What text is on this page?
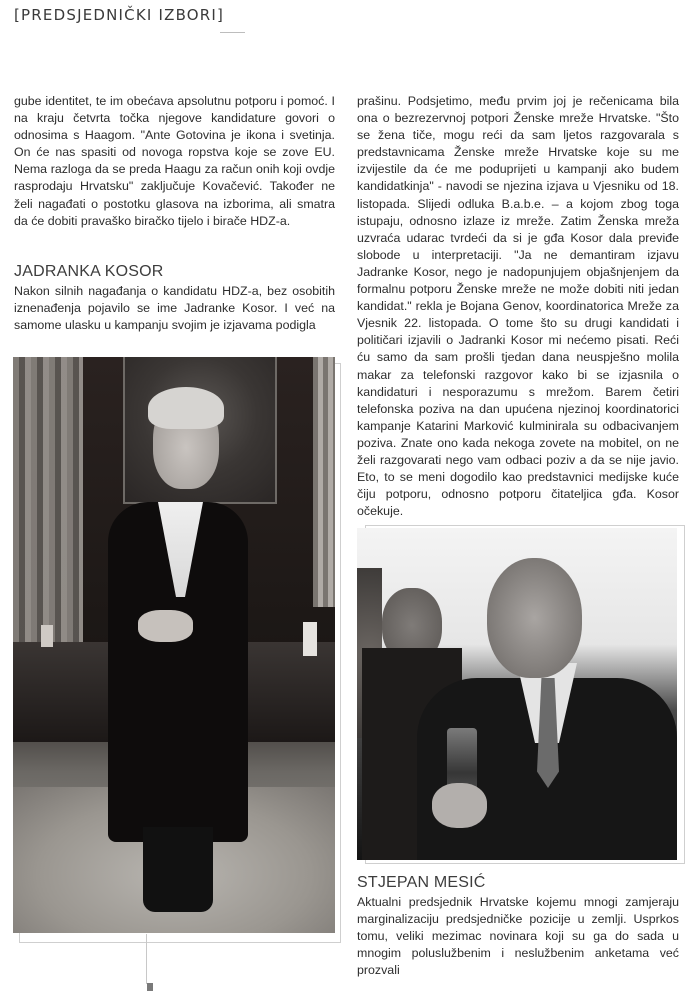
[PREDSJEDNIČKI IZBORI]

gube identitet, te im obećava apsolutnu potporu i pomoć. I na kraju četvrta točka njegove kandidature govori o odnosima s Haagom. "Ante Gotovina je ikona i svetinja. On će nas spasiti od novoga ropstva koje se zove EU. Nema razloga da se preda Haagu za račun onih koji ovdje rasprodaju Hrvatsku" zaključuje Kovačević. Također ne želi nagađati o postotku glasova na izborima, ali smatra da će dobiti pravaško biračko tijelo i birače HDZ-a.

JADRANKA KOSOR

Nakon silnih nagađanja o kandidatu HDZ-a, bez osobitih iznenađenja pojavilo se ime Jadranke Kosor. I već na samome ulasku u kampanju svojim je izjavama podigla

prašinu. Podsjetimo, među prvim joj je rečenicama bila ona o bezrezervnoj potpori Ženske mreže Hrvatske. "Što se žena tiče, mogu reći da sam ljetos razgovarala s predstavnicama Ženske mreže Hrvatske koje su me izvijestile da će me poduprijeti u kampanji ako budem kandidatkinja" - navodi se njezina izjava u Vjesniku od 18. listopada. Slijedi odluka B.a.b.e. – a kojom zbog toga istupaju, odnosno izlaze iz mreže. Zatim Ženska mreža uzvraća udarac tvrdeći da si je gđa Kosor dala previđe slobode u interpretaciji. "Ja ne demantiram izjavu Jadranke Kosor, nego je nadopunjujem objašnjenjem da formalnu potporu Ženske mreže ne može dobiti niti jedan kandidat." rekla je Bojana Genov, koordinatorica Mreže za Vjesnik 22. listopada. O tome što su drugi kandidati i političari izjavili o Jadranki Kosor mi nećemo pisati. Reći ću samo da sam prošli tjedan dana neuspješno molila makar za telefonski razgovor kako bi se izjasnila o kandidaturi i nesporazumu s mrežom. Barem četiri telefonska poziva na dan upućena njezinoj koordinatorici kampanje Katarini Marković kulminirala su odbacivanjem poziva. Znate ono kada nekoga zovete na mobitel, on ne želi razgovarati nego vam odbaci poziv a da se nije javio. Eto, to se meni dogodilo kao predstavnici medijske kuće čiju potporu, odnosno potporu čitateljica gđa. Kosor očekuje.

STJEPAN MESIĆ

Aktualni predsjednik Hrvatske kojemu mnogi zamjeraju marginalizaciju predsjedničke pozicije u zemlji. Usprkos tomu, veliki mezimac novinara koji su ga do sada u mnogim poluslužbenim i neslužbenim anketama već prozvali
